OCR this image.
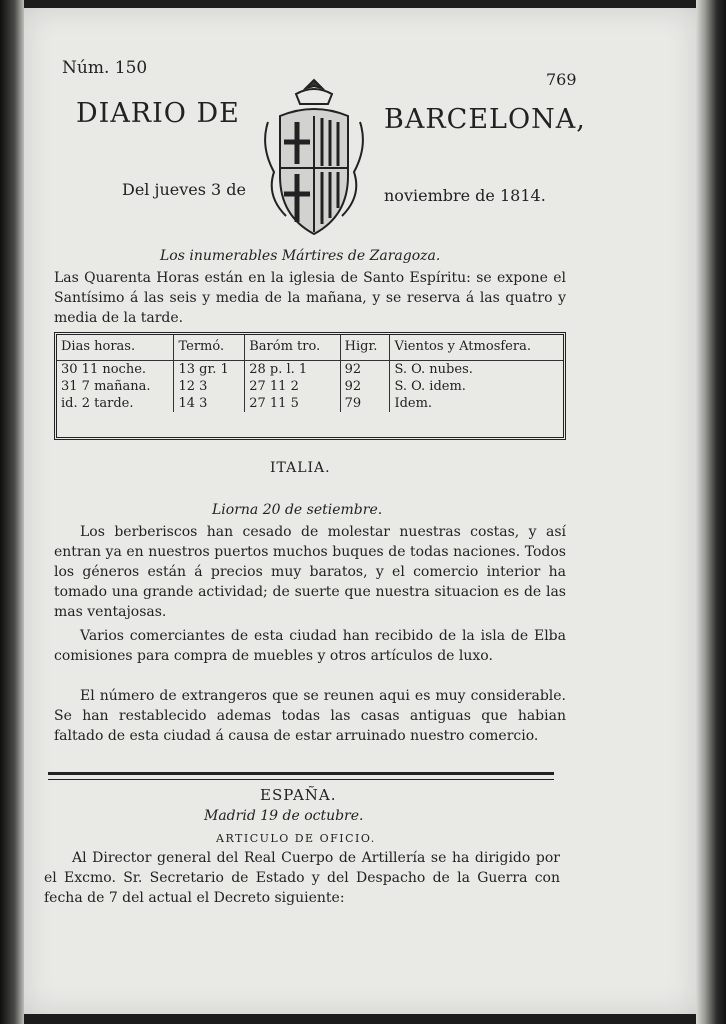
Núm. 150
769
DIARIO DE	BARCELONA,
Del jueves 3 de	noviembre de 1814.
Los inumerables Mártires de Zaragoza.
Las Quarenta Horas están en la iglesia de Santo Espíritu: se expone el Santísimo á las seis y media de la mañana, y se reserva á las quatro y media de la tarde.
Dias horas.	Termó.	Baróm tro.	Higr.	Vientos y Atmosfera.
30 11 noche.	13 gr. 1	28 p. l. 1	92	S. O. nubes.
31 7 mañana.	12 3	27 11 2	92	S. O. idem.
id. 2 tarde.	14 3	27 11 5	79	Idem.
ITALIA.
Liorna 20 de setiembre.
Los berberiscos han cesado de molestar nuestras costas, y así entran ya en nuestros puertos muchos buques de todas naciones. Todos los géneros están á precios muy baratos, y el comercio interior ha tomado una grande actividad; de suerte que nuestra situacion es de las mas ventajosas.
Varios comerciantes de esta ciudad han recibido de la isla de Elba comisiones para compra de muebles y otros artículos de luxo.
El número de extrangeros que se reunen aqui es muy considerable. Se han restablecido ademas todas las casas antiguas que habian faltado de esta ciudad á causa de estar arruinado nuestro comercio.
ESPAÑA.
Madrid 19 de octubre.
ARTICULO DE OFICIO.
Al Director general del Real Cuerpo de Artillería se ha dirigido por el Excmo. Sr. Secretario de Estado y del Despacho de la Guerra con fecha de 7 del actual el Decreto siguiente:
